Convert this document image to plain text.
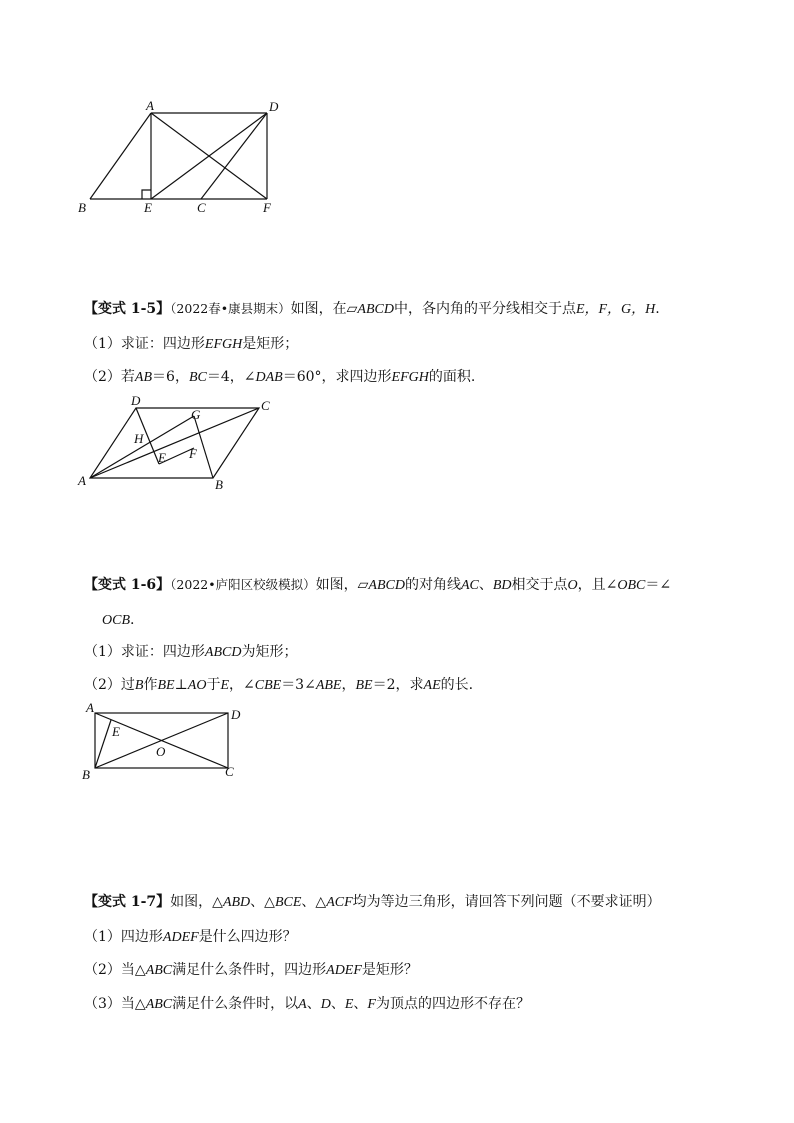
A	D
B	E	C	F
【变式 1-5】（2022春•康县期末）如图，在▱ABCD中，各内角的平分线相交于点E，F，G，H.
（1）求证：四边形EFGH是矩形；
（2）若AB＝6，BC＝4，∠DAB＝60°，求四边形EFGH的面积.
D	C
G
H
E F
A	B
【变式 1-6】（2022•庐阳区校级模拟）如图，▱ABCD的对角线AC、BD相交于点O，且∠OBC＝∠
OCB.
（1）求证：四边形ABCD为矩形；
（2）过B作BE⊥AO于E，∠CBE＝3∠ABE，BE＝2，求AE的长.
A	D
E
O
B	C
【变式 1-7】如图，△ABD、△BCE、△ACF均为等边三角形，请回答下列问题（不要求证明）
（1）四边形ADEF是什么四边形？
（2）当△ABC满足什么条件时，四边形ADEF是矩形？
（3）当△ABC满足什么条件时，以A、D、E、F为顶点的四边形不存在？
